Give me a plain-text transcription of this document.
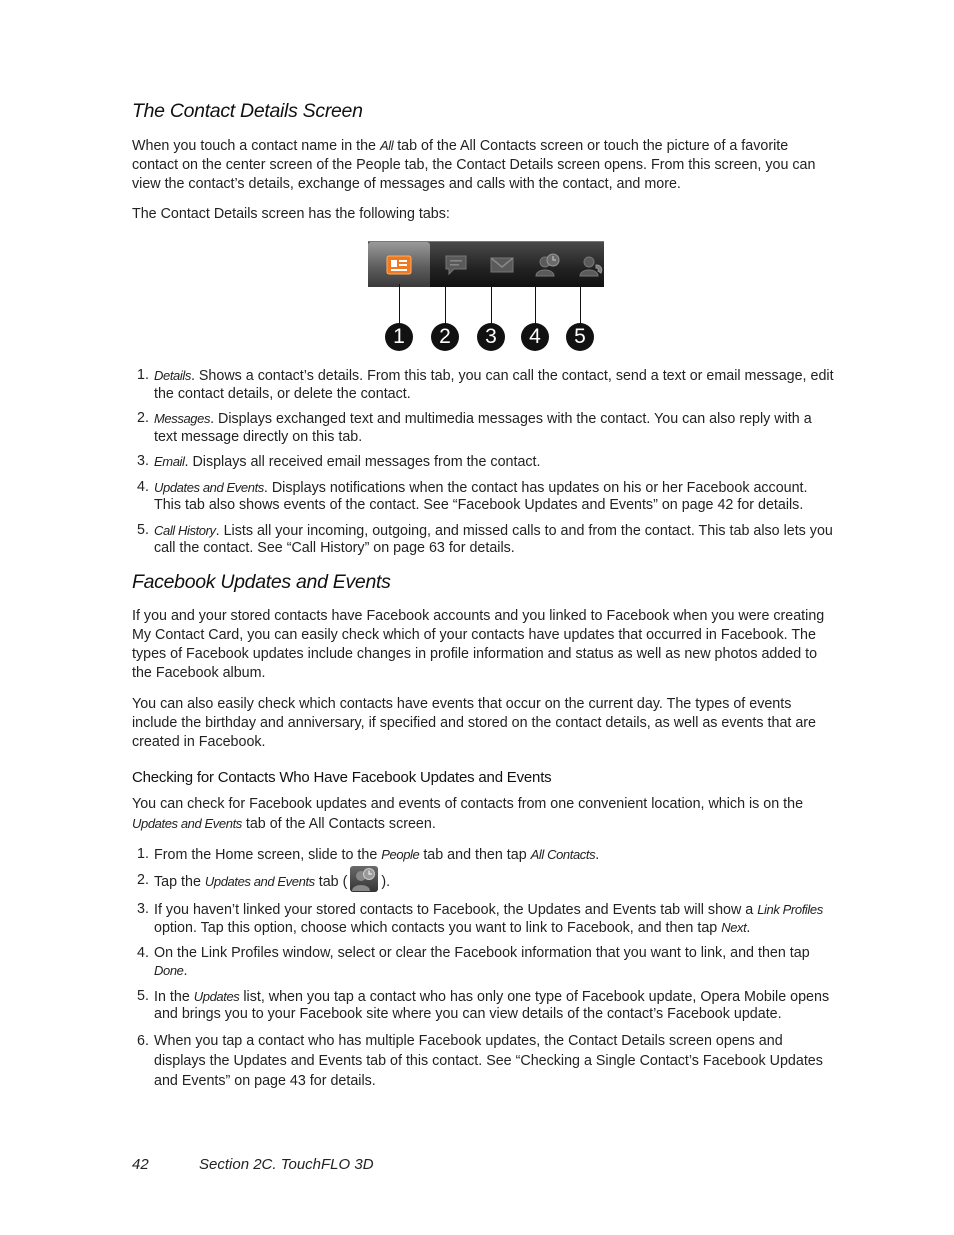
The Contact Details Screen

When you touch a contact name in the All tab of the All Contacts screen or touch the picture of a favorite contact on the center screen of the People tab, the Contact Details screen opens. From this screen, you can view the contact’s details, exchange of messages and calls with the contact, and more.

The Contact Details screen has the following tabs:

1	2	3	4	5
1. Details. Shows a contact’s details. From this tab, you can call the contact, send a text or email message, edit the contact details, or delete the contact.
2. Messages. Displays exchanged text and multimedia messages with the contact. You can also reply with a text message directly on this tab.
3. Email. Displays all received email messages from the contact.
4. Updates and Events. Displays notifications when the contact has updates on his or her Facebook account. This tab also shows events of the contact. See “Facebook Updates and Events” on page 42 for details.
5. Call History. Lists all your incoming, outgoing, and missed calls to and from the contact. This tab also lets you call the contact. See “Call History” on page 63 for details.
Facebook Updates and Events

If you and your stored contacts have Facebook accounts and you linked to Facebook when you were creating My Contact Card, you can easily check which of your contacts have updates that occurred in Facebook. The types of Facebook updates include changes in profile information and status as well as new photos added to the Facebook album.

You can also easily check which contacts have events that occur on the current day. The types of events include the birthday and anniversary, if specified and stored on the contact details, as well as events that are created in Facebook.

Checking for Contacts Who Have Facebook Updates and Events

You can check for Facebook updates and events of contacts from one convenient location, which is on the Updates and Events tab of the All Contacts screen.

1. From the Home screen, slide to the People tab and then tap All Contacts.
2. Tap the Updates and Events tab ( ).
3. If you haven’t linked your stored contacts to Facebook, the Updates and Events tab will show a Link Profiles option. Tap this option, choose which contacts you want to link to Facebook, and then tap Next.
4. On the Link Profiles window, select or clear the Facebook information that you want to link, and then tap Done.
5. In the Updates list, when you tap a contact who has only one type of Facebook update, Opera Mobile opens and brings you to your Facebook site where you can view details of the contact’s Facebook update.
6. When you tap a contact who has multiple Facebook updates, the Contact Details screen opens and displays the Updates and Events tab of this contact. See “Checking a Single Contact’s Facebook Updates and Events” on page 43 for details.
42	Section 2C. TouchFLO 3D
